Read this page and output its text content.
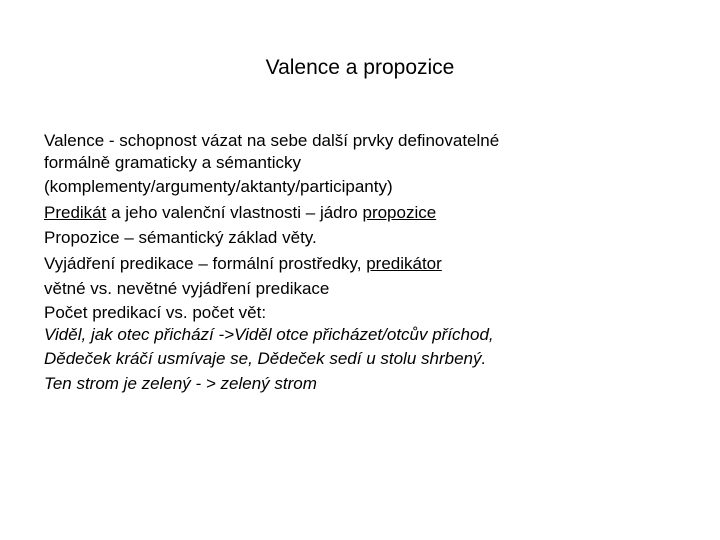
Valence a propozice
Valence - schopnost vázat na sebe další prvky definovatelné
formálně gramaticky a sémanticky
(komplementy/argumenty/aktanty/participanty)
Predikát a jeho valenční vlastnosti – jádro propozice
Propozice – sémantický základ věty.
Vyjádření predikace – formální prostředky, predikátor
větné vs. nevětné vyjádření predikace
Počet predikací vs. počet vět:
Viděl, jak otec přichází ->Viděl otce přicházet/otcův příchod,
Dědeček kráčí usmívaje se, Dědeček sedí u stolu shrbený.
Ten strom je zelený - > zelený strom
